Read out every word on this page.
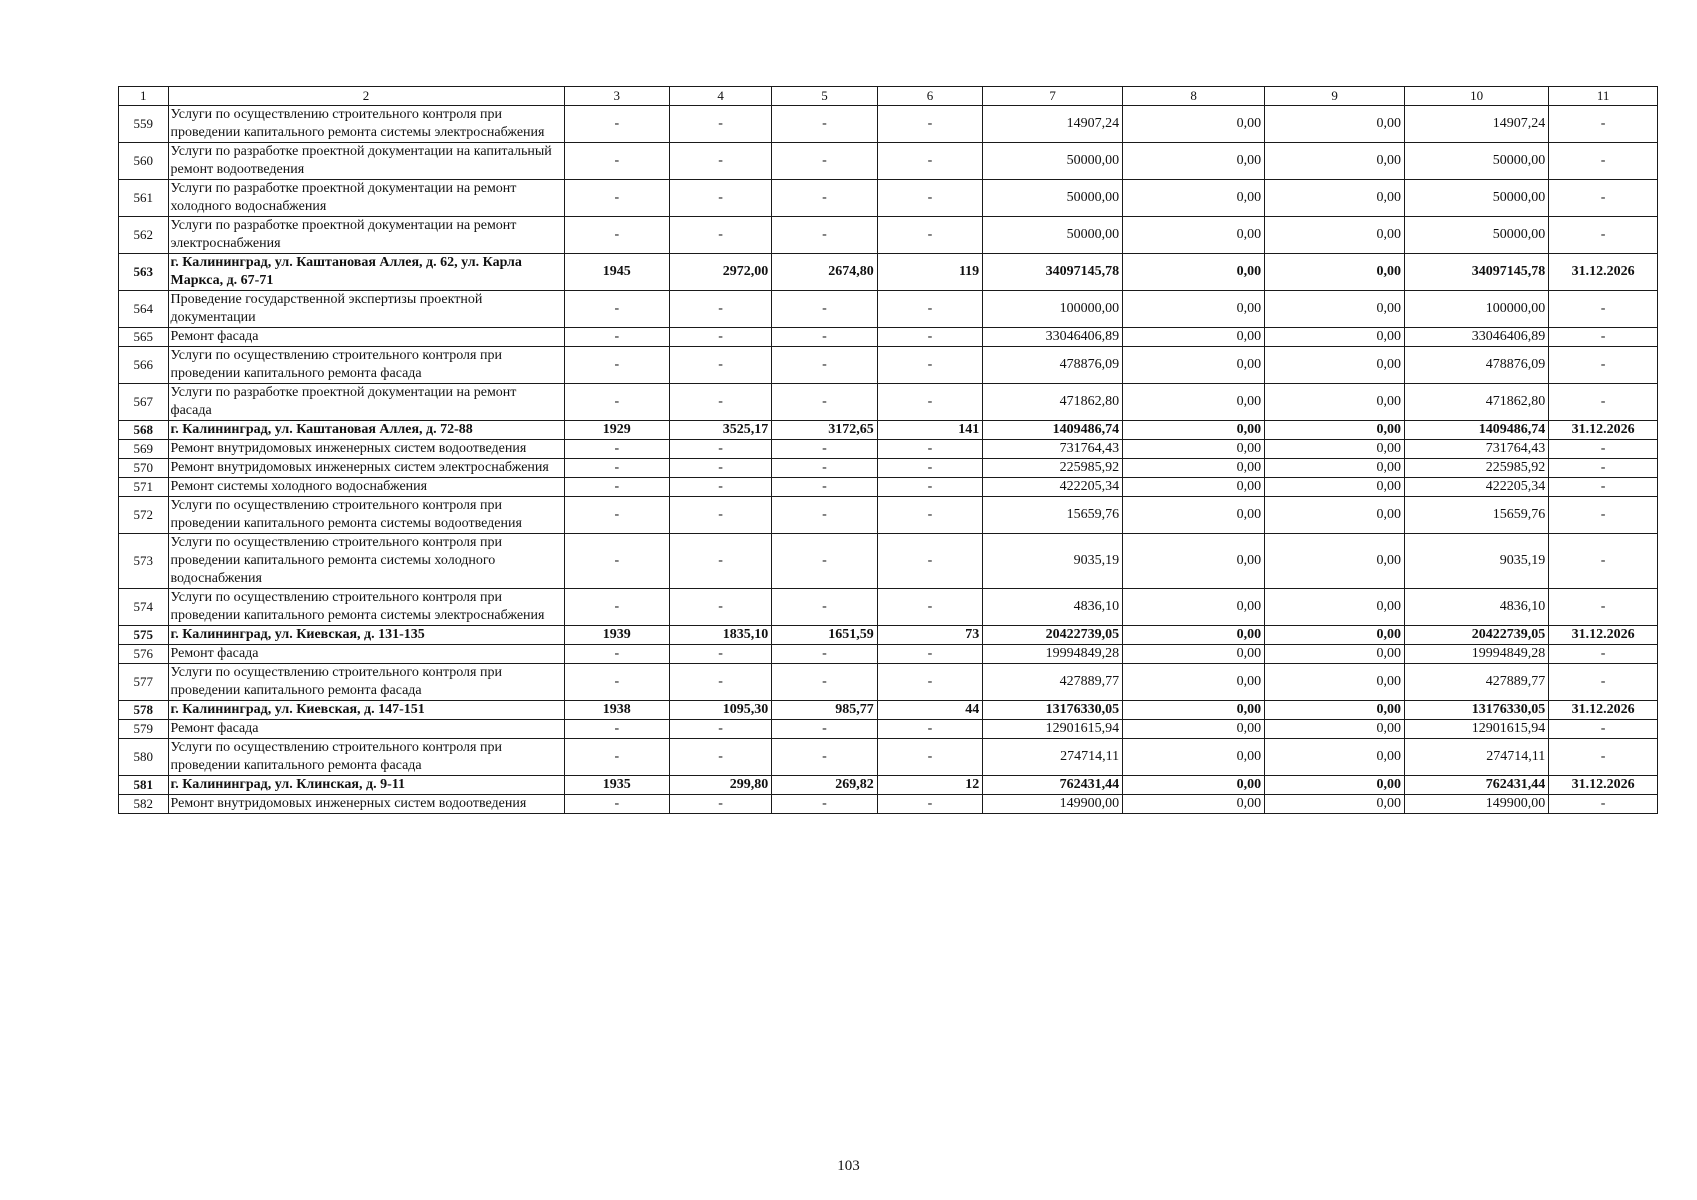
1	2	3	4	5	6	7	8	9	10	11
559	Услуги по осуществлению строительного контроля при проведении капитального ремонта системы электроснабжения	-	-	-	-	14907,24	0,00	0,00	14907,24	-
560	Услуги по разработке проектной документации на капитальный ремонт водоотведения	-	-	-	-	50000,00	0,00	0,00	50000,00	-
561	Услуги по разработке проектной документации на ремонт холодного водоснабжения	-	-	-	-	50000,00	0,00	0,00	50000,00	-
562	Услуги по разработке проектной документации на ремонт электроснабжения	-	-	-	-	50000,00	0,00	0,00	50000,00	-
563	г. Калининград, ул. Каштановая Аллея, д. 62, ул. Карла Маркса, д. 67-71	1945	2972,00	2674,80	119	34097145,78	0,00	0,00	34097145,78	31.12.2026
564	Проведение государственной экспертизы проектной документации	-	-	-	-	100000,00	0,00	0,00	100000,00	-
565	Ремонт фасада	-	-	-	-	33046406,89	0,00	0,00	33046406,89	-
566	Услуги по осуществлению строительного контроля при проведении капитального ремонта фасада	-	-	-	-	478876,09	0,00	0,00	478876,09	-
567	Услуги по разработке проектной документации на ремонт фасада	-	-	-	-	471862,80	0,00	0,00	471862,80	-
568	г. Калининград, ул. Каштановая Аллея, д. 72-88	1929	3525,17	3172,65	141	1409486,74	0,00	0,00	1409486,74	31.12.2026
569	Ремонт внутридомовых инженерных систем водоотведения	-	-	-	-	731764,43	0,00	0,00	731764,43	-
570	Ремонт внутридомовых инженерных систем электроснабжения	-	-	-	-	225985,92	0,00	0,00	225985,92	-
571	Ремонт системы холодного водоснабжения	-	-	-	-	422205,34	0,00	0,00	422205,34	-
572	Услуги по осуществлению строительного контроля при проведении капитального ремонта системы водоотведения	-	-	-	-	15659,76	0,00	0,00	15659,76	-
573	Услуги по осуществлению строительного контроля при проведении капитального ремонта системы холодного водоснабжения	-	-	-	-	9035,19	0,00	0,00	9035,19	-
574	Услуги по осуществлению строительного контроля при проведении капитального ремонта системы электроснабжения	-	-	-	-	4836,10	0,00	0,00	4836,10	-
575	г. Калининград, ул. Киевская, д. 131-135	1939	1835,10	1651,59	73	20422739,05	0,00	0,00	20422739,05	31.12.2026
576	Ремонт фасада	-	-	-	-	19994849,28	0,00	0,00	19994849,28	-
577	Услуги по осуществлению строительного контроля при проведении капитального ремонта фасада	-	-	-	-	427889,77	0,00	0,00	427889,77	-
578	г. Калининград, ул. Киевская, д. 147-151	1938	1095,30	985,77	44	13176330,05	0,00	0,00	13176330,05	31.12.2026
579	Ремонт фасада	-	-	-	-	12901615,94	0,00	0,00	12901615,94	-
580	Услуги по осуществлению строительного контроля при проведении капитального ремонта фасада	-	-	-	-	274714,11	0,00	0,00	274714,11	-
581	г. Калининград, ул. Клинская, д. 9-11	1935	299,80	269,82	12	762431,44	0,00	0,00	762431,44	31.12.2026
582	Ремонт внутридомовых инженерных систем водоотведения	-	-	-	-	149900,00	0,00	0,00	149900,00	-
103
